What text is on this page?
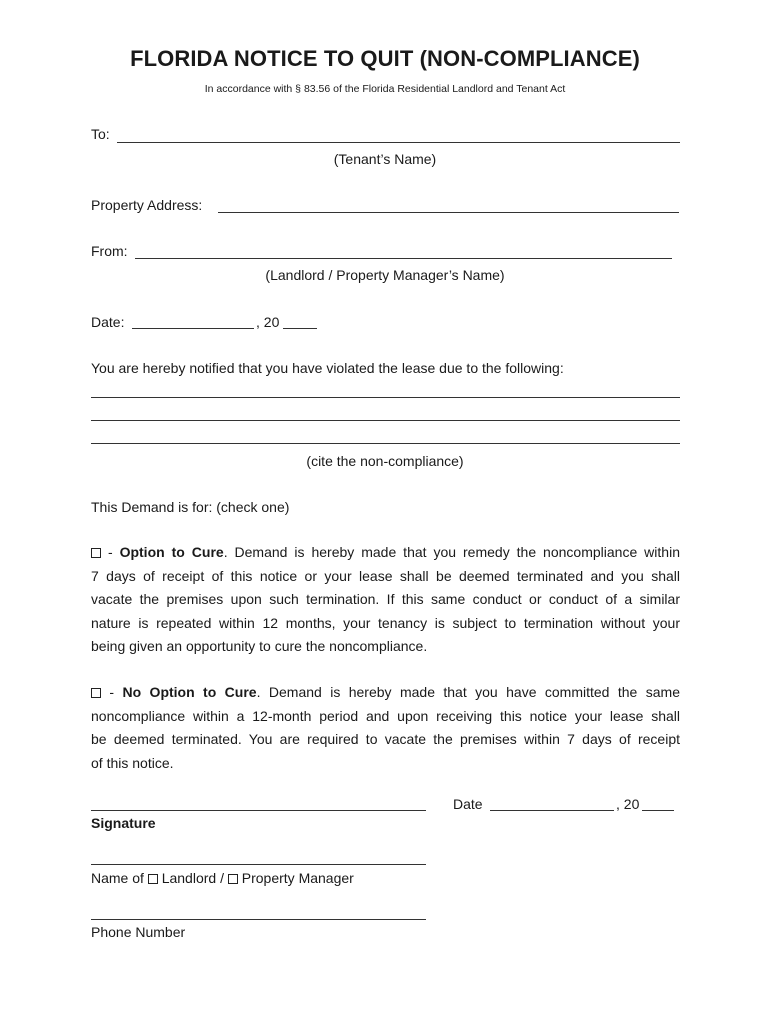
FLORIDA NOTICE TO QUIT (NON-COMPLIANCE)
In accordance with § 83.56 of the Florida Residential Landlord and Tenant Act
To:
(Tenant’s Name)
Property Address:
From:
(Landlord / Property Manager’s Name)
Date:	, 20
You are hereby notified that you have violated the lease due to the following:
(cite the non-compliance)
This Demand is for: (check one)
- Option to Cure. Demand is hereby made that you remedy the noncompliance within
7 days of receipt of this notice or your lease shall be deemed terminated and you shall
vacate the premises upon such termination. If this same conduct or conduct of a similar
nature is repeated within 12 months, your tenancy is subject to termination without your
being given an opportunity to cure the noncompliance.
- No Option to Cure. Demand is hereby made that you have committed the same
noncompliance within a 12-month period and upon receiving this notice your lease shall
be deemed terminated. You are required to vacate the premises within 7 days of receipt
of this notice.
Date	, 20
Signature
Name of Landlord / Property Manager
Phone Number
